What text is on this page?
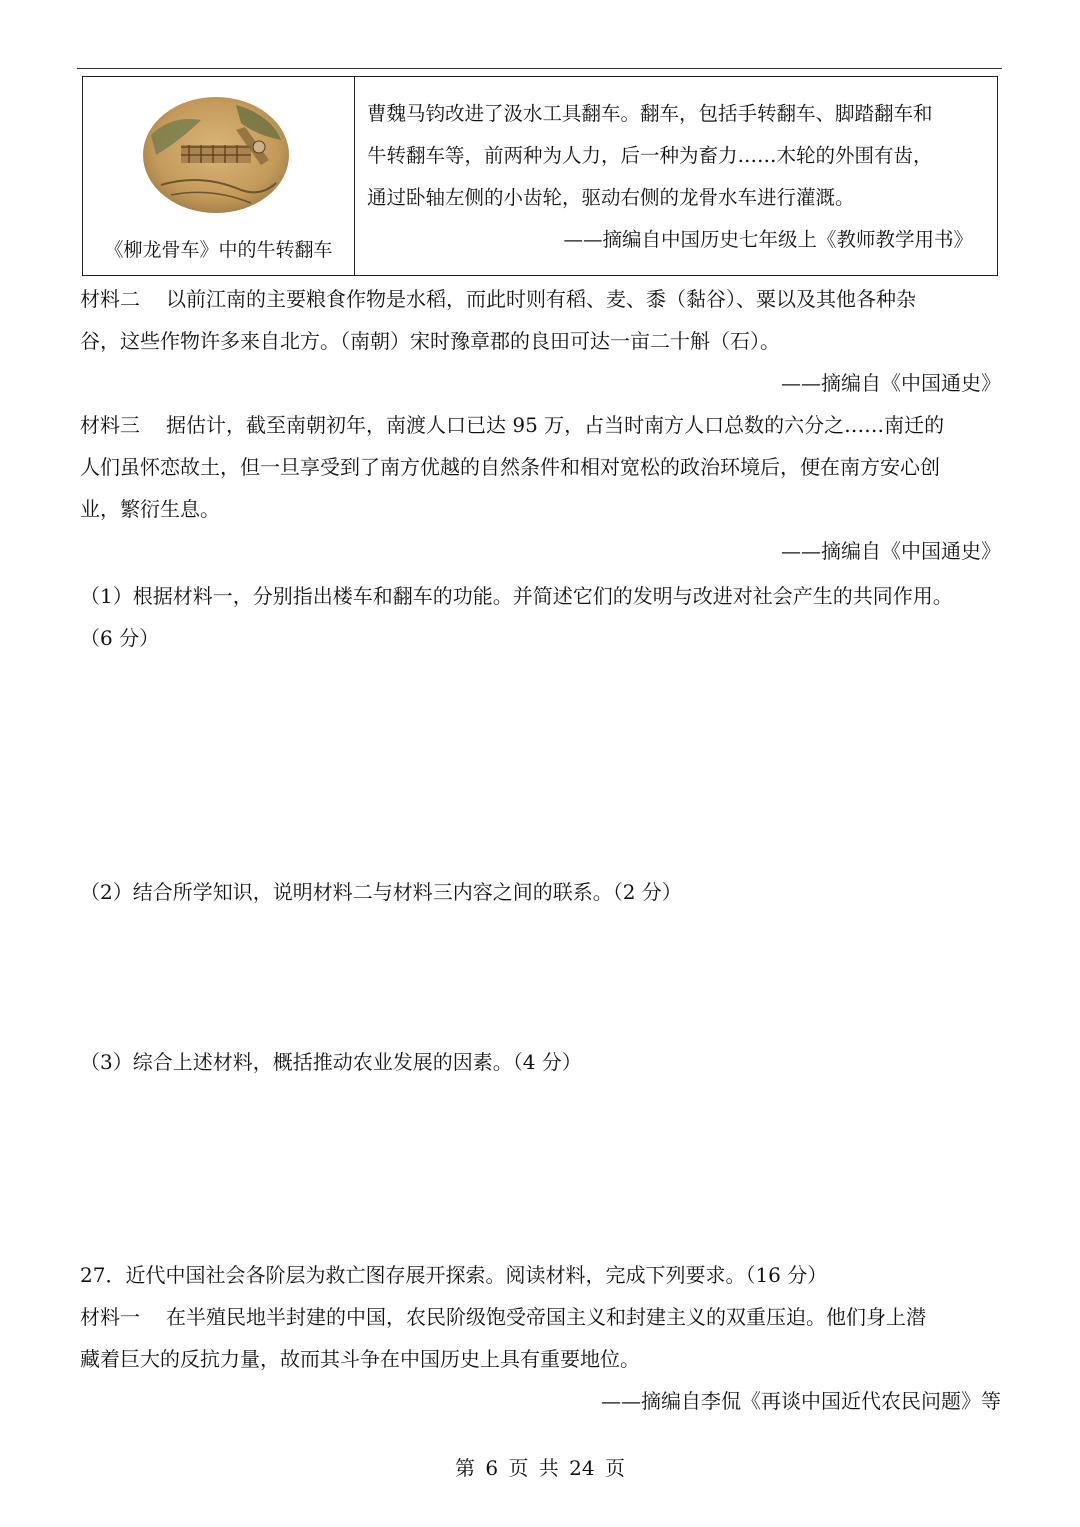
《柳龙骨车》中的牛转翻车

曹魏马钧改进了汲水工具翻车。翻车，包括手转翻车、脚踏翻车和

牛转翻车等，前两种为人力，后一种为畜力……木轮的外围有齿，

通过卧轴左侧的小齿轮，驱动右侧的龙骨水车进行灌溉。

——摘编自中国历史七年级上《教师教学用书》

材料二 以前江南的主要粮食作物是水稻，而此时则有稻、麦、黍（黏谷）、粟以及其他各种杂

谷，这些作物许多来自北方。（南朝）宋时豫章郡的良田可达一亩二十斛（石）。

——摘编自《中国通史》

材料三 据估计，截至南朝初年，南渡人口已达 95 万，占当时南方人口总数的六分之……南迁的

人们虽怀恋故土，但一旦享受到了南方优越的自然条件和相对宽松的政治环境后，便在南方安心创

业，繁衍生息。

——摘编自《中国通史》

（1）根据材料一，分别指出楼车和翻车的功能。并简述它们的发明与改进对社会产生的共同作用。

（6 分）

（2）结合所学知识，说明材料二与材料三内容之间的联系。（2 分）

（3）综合上述材料，概括推动农业发展的因素。（4 分）

27．近代中国社会各阶层为救亡图存展开探索。阅读材料，完成下列要求。（16 分）

材料一 在半殖民地半封建的中国，农民阶级饱受帝国主义和封建主义的双重压迫。他们身上潜

藏着巨大的反抗力量，故而其斗争在中国历史上具有重要地位。

——摘编自李侃《再谈中国近代农民问题》等

第 6 页 共 24 页
